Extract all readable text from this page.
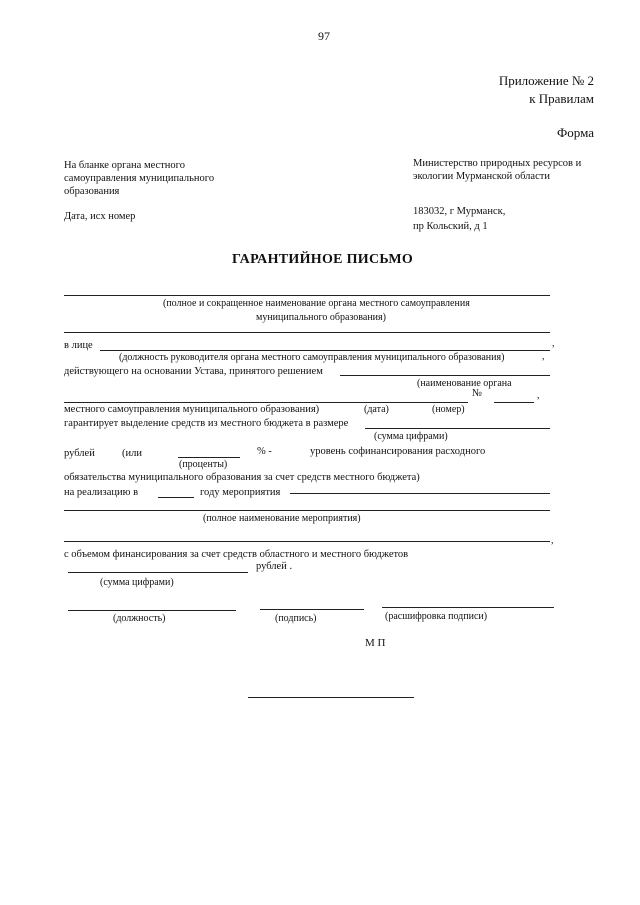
97
Приложение № 2
к Правилам
Форма
На бланке органа местного
самоуправления муниципального
образования
Дата, исх номер
Министерство природных ресурсов и
экологии Мурманской области
183032, г Мурманск,
пр Кольский, д 1
ГАРАНТИЙНОЕ ПИСЬМО
(полное и сокращенное наименование органа местного самоуправления
муниципального образования)
,
в лице
(должность руководителя органа местного самоуправления муниципального образования)	,
действующего на основании Устава, принятого решением
(наименование органа
№	,
местного самоуправления муниципального образования)	(дата)	(номер)
гарантирует выделение средств из местного бюджета в размере
(сумма цифрами)
рублей	(или	% -	уровень софинансирования расходного
(проценты)
обязательства муниципального образования за счет средств местного бюджета)
на реализацию в	году мероприятия
(полное наименование мероприятия)
,
с объемом финансирования за счет средств областного и местного бюджетов
рублей .
(сумма цифрами)
(должность)	(подпись)	(расшифровка подписи)
М П
